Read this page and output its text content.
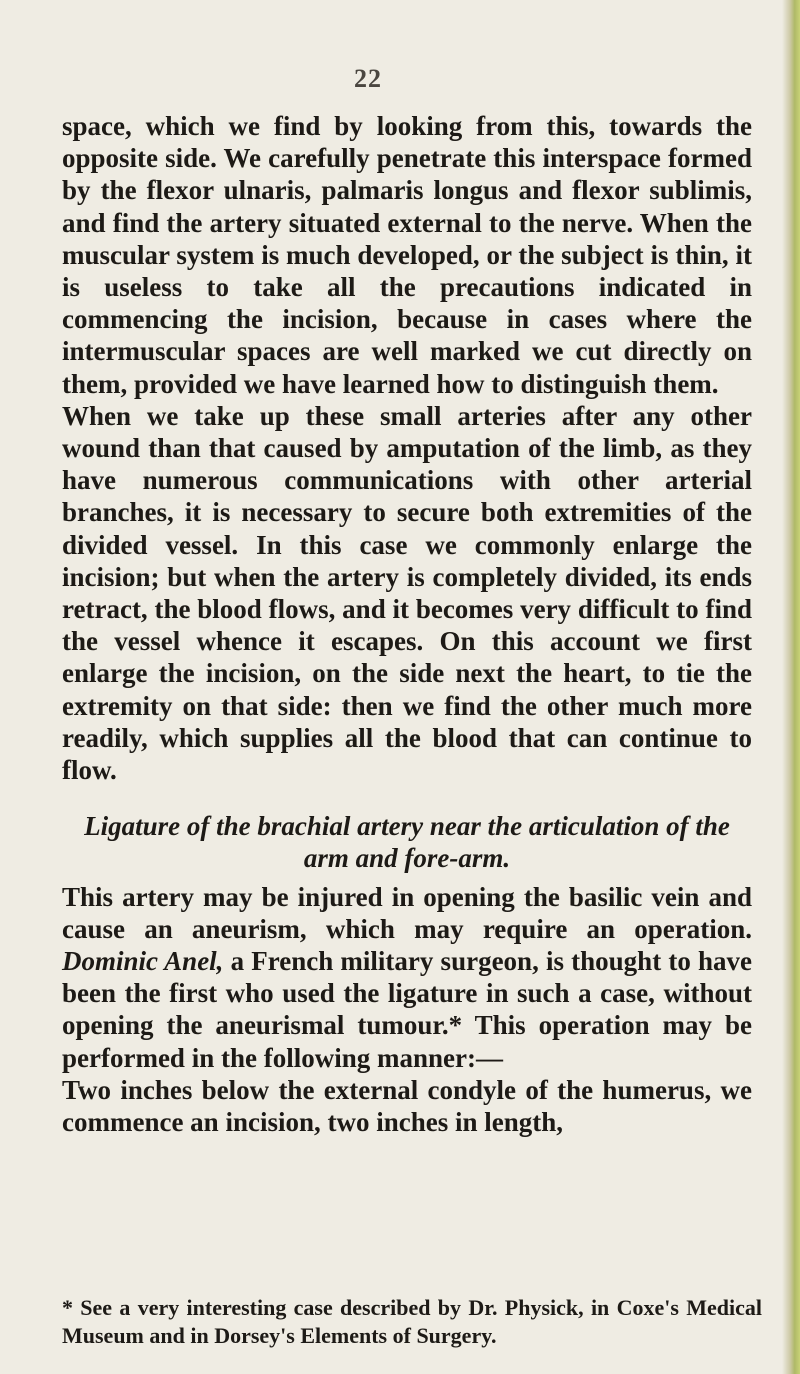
22

space, which we find by looking from this, towards the opposite side. We carefully penetrate this interspace formed by the flexor ulnaris, palmaris longus and flexor sublimis, and find the artery situated external to the nerve. When the muscular system is much developed, or the subject is thin, it is useless to take all the precautions indicated in commencing the incision, because in cases where the intermuscular spaces are well marked we cut directly on them, provided we have learned how to distinguish them.

When we take up these small arteries after any other wound than that caused by amputation of the limb, as they have numerous communications with other arterial branches, it is necessary to secure both extremities of the divided vessel. In this case we commonly enlarge the incision; but when the artery is completely divided, its ends retract, the blood flows, and it becomes very difficult to find the vessel whence it escapes. On this account we first enlarge the incision, on the side next the heart, to tie the extremity on that side: then we find the other much more readily, which supplies all the blood that can continue to flow.

Ligature of the brachial artery near the articulation of the arm and fore-arm.

This artery may be injured in opening the basilic vein and cause an aneurism, which may require an operation. Dominic Anel, a French military surgeon, is thought to have been the first who used the ligature in such a case, without opening the aneurismal tumour.* This operation may be performed in the following manner:—

Two inches below the external condyle of the humerus, we commence an incision, two inches in length,

* See a very interesting case described by Dr. Physick, in Coxe's Medical Museum and in Dorsey's Elements of Surgery.
